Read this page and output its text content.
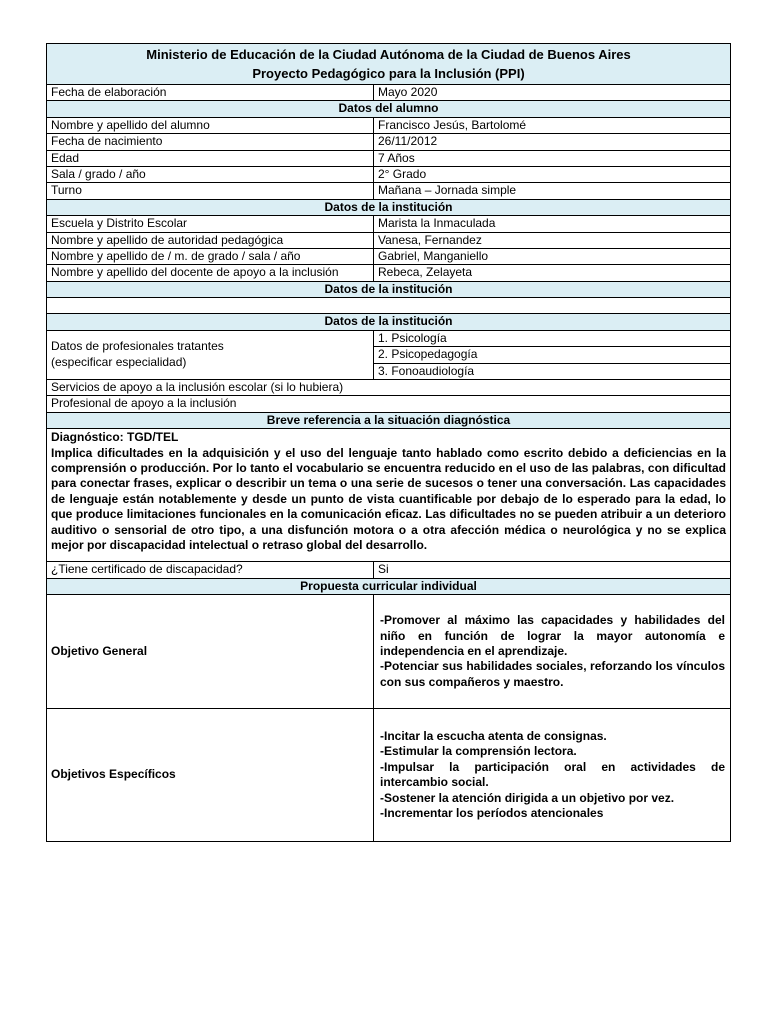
Ministerio de Educación de la Ciudad Autónoma de la Ciudad de Buenos Aires
Proyecto Pedagógico para la Inclusión (PPI)	

Fecha de elaboración	Mayo 2020
Datos del alumno	
Nombre y apellido del alumno	Francisco Jesús, Bartolomé
Fecha de nacimiento	26/11/2012
Edad	7 Años
Sala / grado / año	2° Grado
Turno	Mañana – Jornada simple
Datos de la institución	
Escuela y Distrito Escolar	Marista la Inmaculada
Nombre y apellido de autoridad pedagógica	Vanesa, Fernandez
Nombre y apellido de / m. de grado / sala / año	Gabriel, Manganiello
Nombre y apellido del docente de apoyo a la inclusión	Rebeca, Zelayeta
Datos de la institución	

Datos de la institución	

Datos de profesionales tratantes
(especificar especialidad)	1. Psicología
	2. Psicopedagogía
	3. Fonoaudiología
Servicios de apoyo a la inclusión escolar (si lo hubiera)	
Profesional de apoyo a la inclusión	
Breve referencia a la situación diagnóstica	

Diagnóstico: TGD/TEL
Implica dificultades en la adquisición y el uso del lenguaje tanto hablado como escrito debido a deficiencias en la comprensión o producción. Por lo tanto el vocabulario se encuentra reducido en el uso de las palabras, con dificultad para conectar frases, explicar o describir un tema o una serie de sucesos o tener una conversación. Las capacidades de lenguaje están notablemente y desde un punto de vista cuantificable por debajo de lo esperado para la edad, lo que produce limitaciones funcionales en la comunicación eficaz. Las dificultades no se pueden atribuir a un deterioro auditivo o sensorial de otro tipo, a una disfunción motora o a otra afección médica o neurológica y no se explica mejor por discapacidad intelectual o retraso global del desarrollo.	

¿Tiene certificado de discapacidad?	Si
Propuesta curricular individual	
Objetivo General	-Promover al máximo las capacidades y habilidades del niño en función de lograr la mayor autonomía e independencia en el aprendizaje.
-Potenciar sus habilidades sociales, reforzando los vínculos con sus compañeros y maestro.

Objetivos Específicos	-Incitar la escucha atenta de consignas.
-Estimular la comprensión lectora.
-Impulsar la participación oral en actividades de intercambio social.
-Sostener la atención dirigida a un objetivo por vez.
-Incrementar los períodos atencionales
